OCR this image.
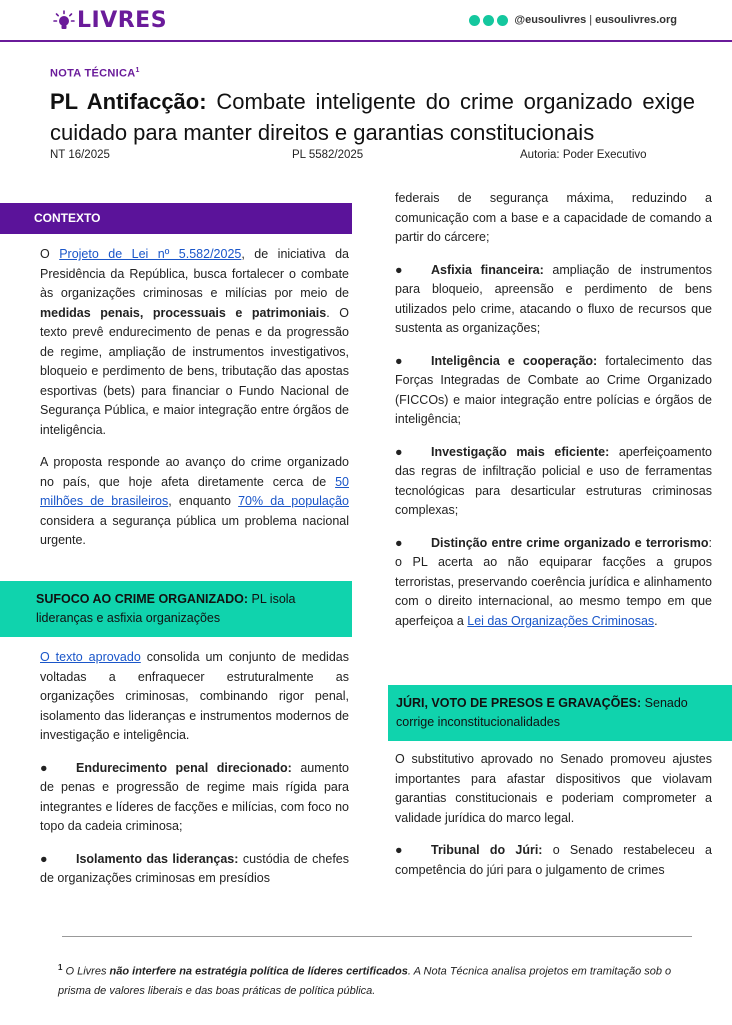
LIVRES	@eusoulivres | eusoulivres.org
NOTA TÉCNICA$^1$
PL Antifacção: Combate inteligente do crime organizado exige cuidado para manter direitos e garantias constitucionais
NT 16/2025	PL 5582/2025	Autoria: Poder Executivo
CONTEXTO

O Projeto de Lei nº 5.582/2025, de iniciativa da Presidência da República, busca fortalecer o combate às organizações criminosas e milícias por meio de medidas penais, processuais e patrimoniais. O texto prevê endurecimento de penas e da progressão de regime, ampliação de instrumentos investigativos, bloqueio e perdimento de bens, tributação das apostas esportivas (bets) para financiar o Fundo Nacional de Segurança Pública, e maior integração entre órgãos de inteligência.

A proposta responde ao avanço do crime organizado no país, que hoje afeta diretamente cerca de 50 milhões de brasileiros, enquanto 70% da população considera a segurança pública um problema nacional urgente.

SUFOCO AO CRIME ORGANIZADO: PL isola lideranças e asfixia organizações

O texto aprovado consolida um conjunto de medidas voltadas a enfraquecer estruturalmente as organizações criminosas, combinando rigor penal, isolamento das lideranças e instrumentos modernos de investigação e inteligência.

● Endurecimento penal direcionado: aumento de penas e progressão de regime mais rígida para integrantes e líderes de facções e milícias, com foco no topo da cadeia criminosa;

● Isolamento das lideranças: custódia de chefes de organizações criminosas em presídios

federais de segurança máxima, reduzindo a comunicação com a base e a capacidade de comando a partir do cárcere;

● Asfixia financeira: ampliação de instrumentos para bloqueio, apreensão e perdimento de bens utilizados pelo crime, atacando o fluxo de recursos que sustenta as organizações;

● Inteligência e cooperação: fortalecimento das Forças Integradas de Combate ao Crime Organizado (FICCOs) e maior integração entre polícias e órgãos de inteligência;

● Investigação mais eficiente: aperfeiçoamento das regras de infiltração policial e uso de ferramentas tecnológicas para desarticular estruturas criminosas complexas;

● Distinção entre crime organizado e terrorismo: o PL acerta ao não equiparar facções a grupos terroristas, preservando coerência jurídica e alinhamento com o direito internacional, ao mesmo tempo em que aperfeiçoa a Lei das Organizações Criminosas.

JÚRI, VOTO DE PRESOS E GRAVAÇÕES: Senado corrige inconstitucionalidades

O substitutivo aprovado no Senado promoveu ajustes importantes para afastar dispositivos que violavam garantias constitucionais e poderiam comprometer a validade jurídica do marco legal.

● Tribunal do Júri: o Senado restabeleceu a competência do júri para o julgamento de crimes

$^1$ O Livres não interfere na estratégia política de líderes certificados. A Nota Técnica analisa projetos em tramitação sob o prisma de valores liberais e das boas práticas de política pública.
